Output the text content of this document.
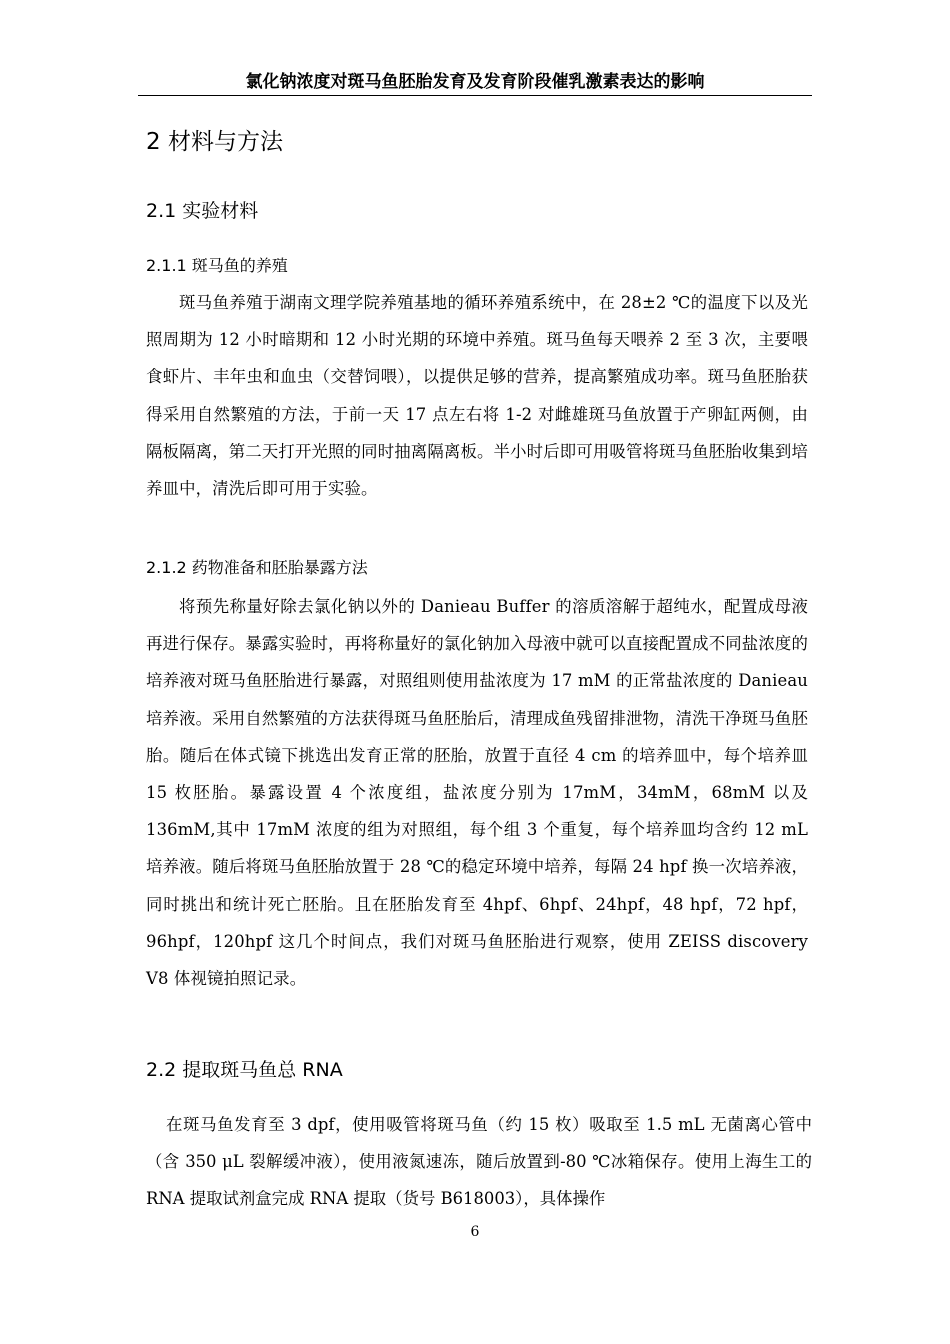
氯化钠浓度对斑马鱼胚胎发育及发育阶段催乳激素表达的影响
2 材料与方法
2.1 实验材料
2.1.1 斑马鱼的养殖
斑马鱼养殖于湖南文理学院养殖基地的循环养殖系统中，在 28±2 ℃的温度下以及光照周期为 12 小时暗期和 12 小时光期的环境中养殖。斑马鱼每天喂养 2 至 3 次，主要喂食虾片、丰年虫和血虫（交替饲喂），以提供足够的营养，提高繁殖成功率。斑马鱼胚胎获得采用自然繁殖的方法，于前一天 17 点左右将 1-2 对雌雄斑马鱼放置于产卵缸两侧，由隔板隔离，第二天打开光照的同时抽离隔离板。半小时后即可用吸管将斑马鱼胚胎收集到培养皿中，清洗后即可用于实验。
2.1.2 药物准备和胚胎暴露方法
将预先称量好除去氯化钠以外的 Danieau Buffer 的溶质溶解于超纯水，配置成母液再进行保存。暴露实验时，再将称量好的氯化钠加入母液中就可以直接配置成不同盐浓度的培养液对斑马鱼胚胎进行暴露，对照组则使用盐浓度为 17 mM 的正常盐浓度的 Danieau 培养液。采用自然繁殖的方法获得斑马鱼胚胎后，清理成鱼残留排泄物，清洗干净斑马鱼胚胎。随后在体式镜下挑选出发育正常的胚胎，放置于直径 4 cm 的培养皿中，每个培养皿 15 枚胚胎。暴露设置 4 个浓度组，盐浓度分别为 17mM，34mM，68mM 以及 136mM,其中 17mM 浓度的组为对照组，每个组 3 个重复，每个培养皿均含约 12 mL 培养液。随后将斑马鱼胚胎放置于 28 ℃的稳定环境中培养，每隔 24 hpf 换一次培养液，同时挑出和统计死亡胚胎。且在胚胎发育至 4hpf、6hpf、24hpf，48 hpf，72 hpf，96hpf，120hpf 这几个时间点，我们对斑马鱼胚胎进行观察，使用 ZEISS discovery V8 体视镜拍照记录。
2.2 提取斑马鱼总 RNA
在斑马鱼发育至 3 dpf，使用吸管将斑马鱼（约 15 枚）吸取至 1.5 mL 无菌离心管中（含 350 μL 裂解缓冲液），使用液氮速冻，随后放置到-80 ℃冰箱保存。使用上海生工的 RNA 提取试剂盒完成 RNA 提取（货号 B618003），具体操作
6
